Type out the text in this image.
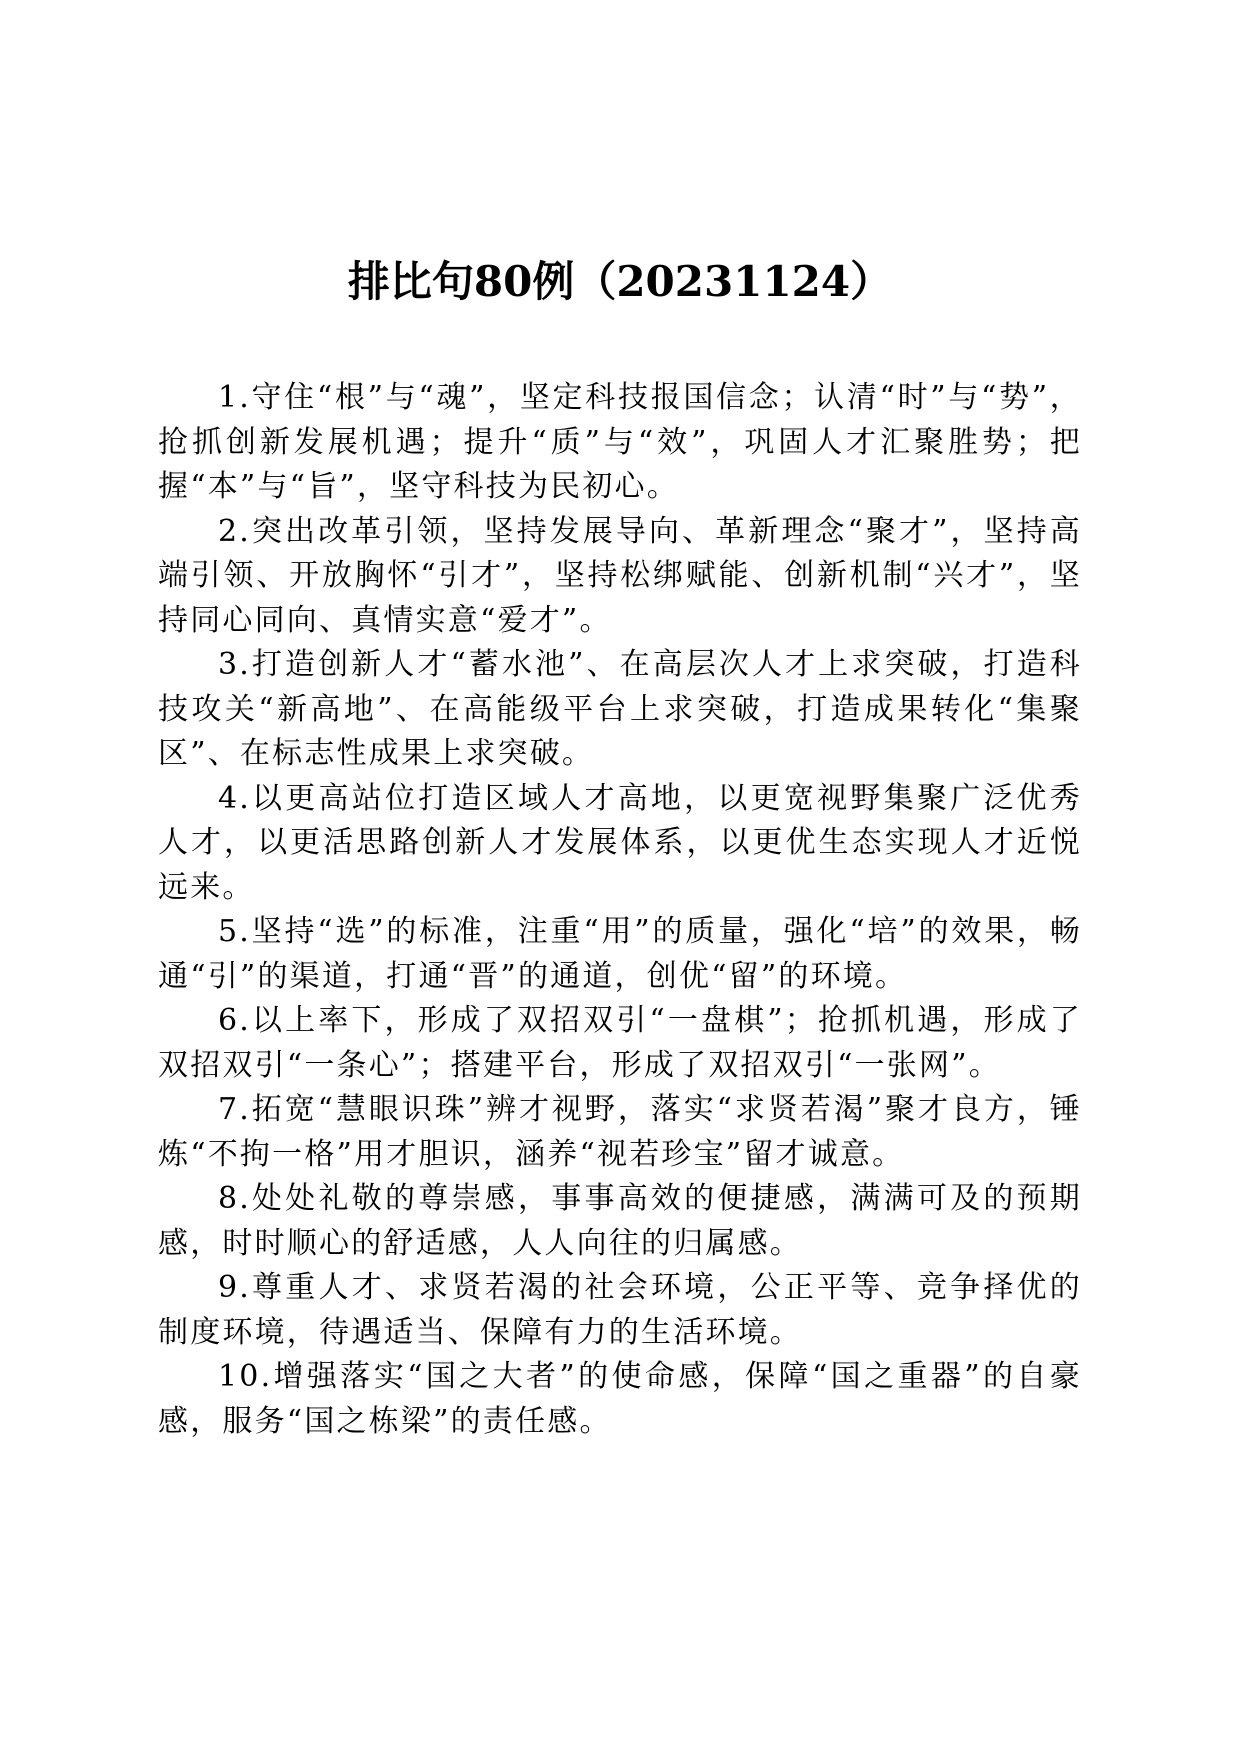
排比句80例（20231124）

1.守住“根”与“魂”，坚定科技报国信念；认清“时”与“势”，抢抓创新发展机遇；提升“质”与“效”，巩固人才汇聚胜势；把握“本”与“旨”，坚守科技为民初心。

2.突出改革引领，坚持发展导向、革新理念“聚才”，坚持高端引领、开放胸怀“引才”，坚持松绑赋能、创新机制“兴才”，坚持同心同向、真情实意“爱才”。

3.打造创新人才“蓄水池”、在高层次人才上求突破，打造科技攻关“新高地”、在高能级平台上求突破，打造成果转化“集聚区”、在标志性成果上求突破。

4.以更高站位打造区域人才高地，以更宽视野集聚广泛优秀人才，以更活思路创新人才发展体系，以更优生态实现人才近悦远来。

5.坚持“选”的标准，注重“用”的质量，强化“培”的效果，畅通“引”的渠道，打通“晋”的通道，创优“留”的环境。

6.以上率下，形成了双招双引“一盘棋”；抢抓机遇，形成了双招双引“一条心”；搭建平台，形成了双招双引“一张网”。

7.拓宽“慧眼识珠”辨才视野，落实“求贤若渴”聚才良方，锤炼“不拘一格”用才胆识，涵养“视若珍宝”留才诚意。

8.处处礼敬的尊崇感，事事高效的便捷感，满满可及的预期感，时时顺心的舒适感，人人向往的归属感。

9.尊重人才、求贤若渴的社会环境，公正平等、竞争择优的制度环境，待遇适当、保障有力的生活环境。

10.增强落实“国之大者”的使命感，保障“国之重器”的自豪感，服务“国之栋梁”的责任感。
